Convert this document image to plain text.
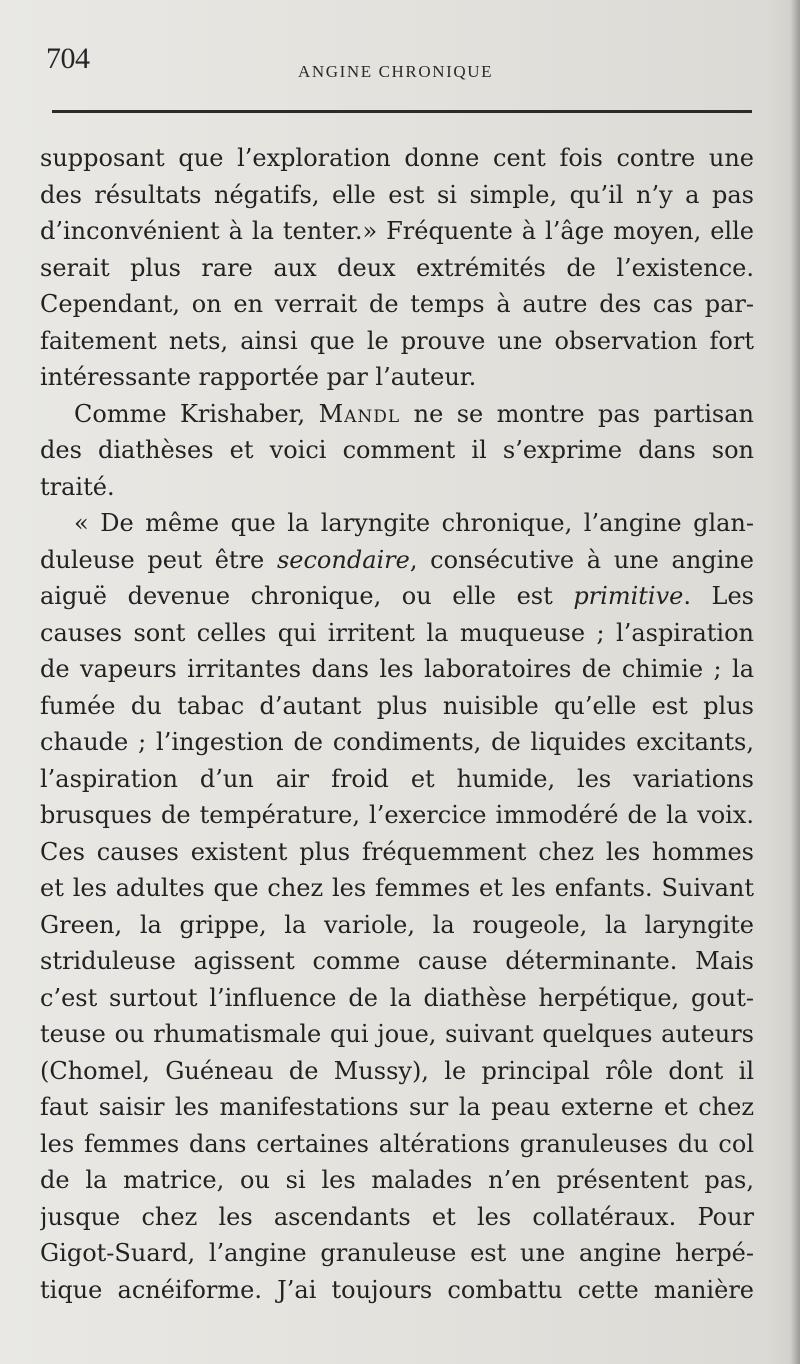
704	ANGINE CHRONIQUE
supposant que l’exploration donne cent fois contre une
des résultats négatifs, elle est si simple, qu’il n’y a pas
d’inconvénient à la tenter.» Fréquente à l’âge moyen, elle
serait plus rare aux deux extrémités de l’existence.
Cependant, on en verrait de temps à autre des cas par-
faitement nets, ainsi que le prouve une observation fort
intéressante rapportée par l’auteur.
Comme Krishaber, Mandl ne se montre pas partisan
des diathèses et voici comment il s’exprime dans son
traité.
« De même que la laryngite chronique, l’angine glan-
duleuse peut être secondaire, consécutive à une angine
aiguë devenue chronique, ou elle est primitive. Les
causes sont celles qui irritent la muqueuse ; l’aspiration
de vapeurs irritantes dans les laboratoires de chimie ; la
fumée du tabac d’autant plus nuisible qu’elle est plus
chaude ; l’ingestion de condiments, de liquides excitants,
l’aspiration d’un air froid et humide, les variations
brusques de température, l’exercice immodéré de la voix.
Ces causes existent plus fréquemment chez les hommes
et les adultes que chez les femmes et les enfants. Suivant
Green, la grippe, la variole, la rougeole, la laryngite
striduleuse agissent comme cause déterminante. Mais
c’est surtout l’influence de la diathèse herpétique, gout-
teuse ou rhumatismale qui joue, suivant quelques auteurs
(Chomel, Guéneau de Mussy), le principal rôle dont il
faut saisir les manifestations sur la peau externe et chez
les femmes dans certaines altérations granuleuses du col
de la matrice, ou si les malades n’en présentent pas,
jusque chez les ascendants et les collatéraux. Pour
Gigot-Suard, l’angine granuleuse est une angine herpé-
tique acnéiforme. J’ai toujours combattu cette manière
